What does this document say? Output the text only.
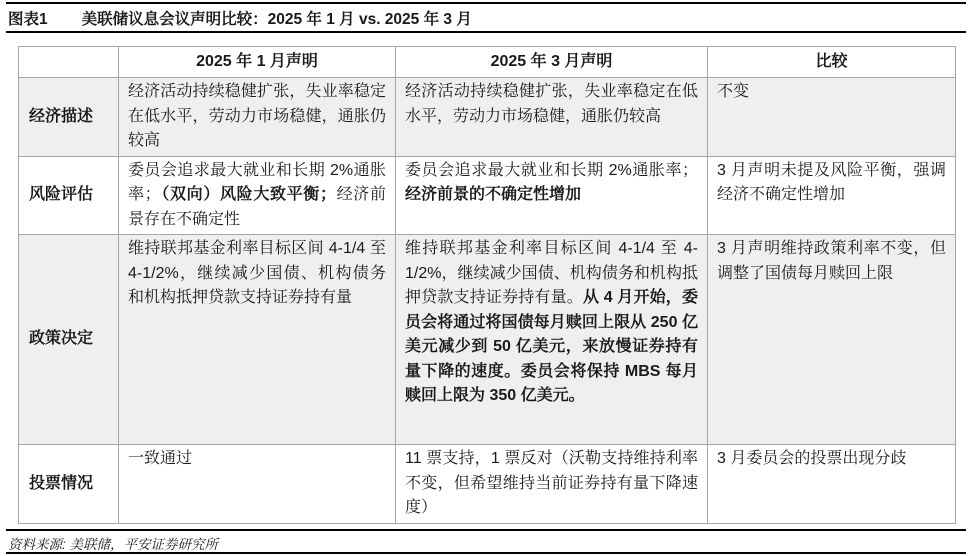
图表1 美联储议息会议声明比较：2025 年 1 月 vs. 2025 年 3 月
	2025 年 1 月声明	2025 年 3 月声明	比较
经济描述	经济活动持续稳健扩张，失业率稳定在低水平，劳动力市场稳健，通胀仍较高	经济活动持续稳健扩张，失业率稳定在低水平，劳动力市场稳健，通胀仍较高	不变
风险评估	委员会追求最大就业和长期 2%通胀率；（双向）风险大致平衡；经济前景存在不确定性	委员会追求最大就业和长期 2%通胀率；经济前景的不确定性增加	3 月声明未提及风险平衡，强调经济不确定性增加
政策决定	维持联邦基金利率目标区间 4-1/4 至 4-1/2%，继续减少国债、机构债务和机构抵押贷款支持证券持有量	维持联邦基金利率目标区间 4-1/4 至 4-1/2%，继续减少国债、机构债务和机构抵押贷款支持证券持有量。从 4 月开始，委员会将通过将国债每月赎回上限从 250 亿美元减少到 50 亿美元，来放慢证券持有量下降的速度。委员会将保持 MBS 每月赎回上限为 350 亿美元。	3 月声明维持政策利率不变，但调整了国债每月赎回上限
投票情况	一致通过	11 票支持，1 票反对（沃勒支持维持利率不变，但希望维持当前证券持有量下降速度）	3 月委员会的投票出现分歧
资料来源: 美联储，平安证券研究所
